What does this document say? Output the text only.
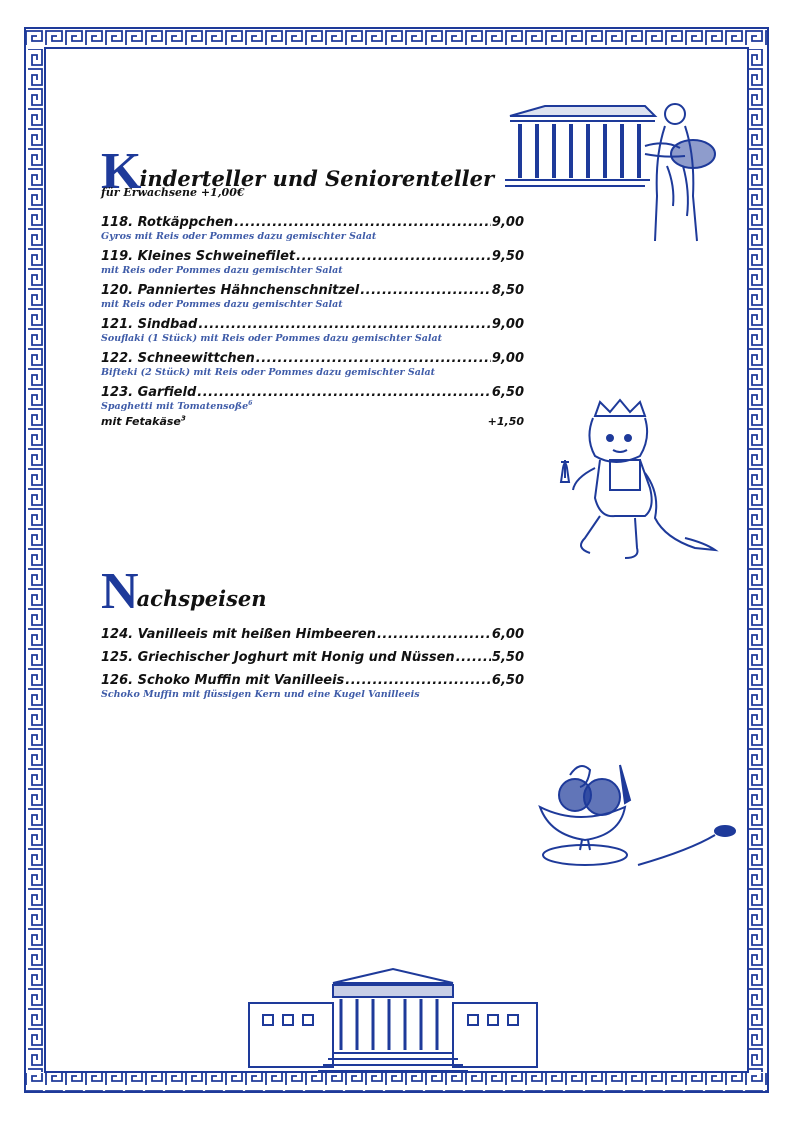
Kinderteller und Seniorenteller
für Erwachsene +1,00€
118. Rotkäppchen .....	9,00
Gyros mit Reis oder Pommes dazu gemischter Salat
119. Kleines Schweinefilet .....	9,50
mit Reis oder Pommes dazu gemischter Salat
120. Panniertes Hähnchenschnitzel .....	8,50
mit Reis oder Pommes dazu gemischter Salat
121. Sindbad .....	9,00
Souflaki (1 Stück) mit Reis oder Pommes dazu gemischter Salat
122. Schneewittchen .....	9,00
Bifteki (2 Stück) mit Reis oder Pommes dazu gemischter Salat
123. Garfield .....	6,50
Spaghetti mit Tomatensoße$^6$
mit Fetakäse$^3$	+1,50
Nachspeisen
124. Vanilleeis mit heißen Himbeeren .....	6,00
125. Griechischer Joghurt mit Honig und Nüssen .....	5,50
126. Schoko Muffin mit Vanilleeis .....	6,50
Schoko Muffin mit flüssigen Kern und eine Kugel Vanilleeis
